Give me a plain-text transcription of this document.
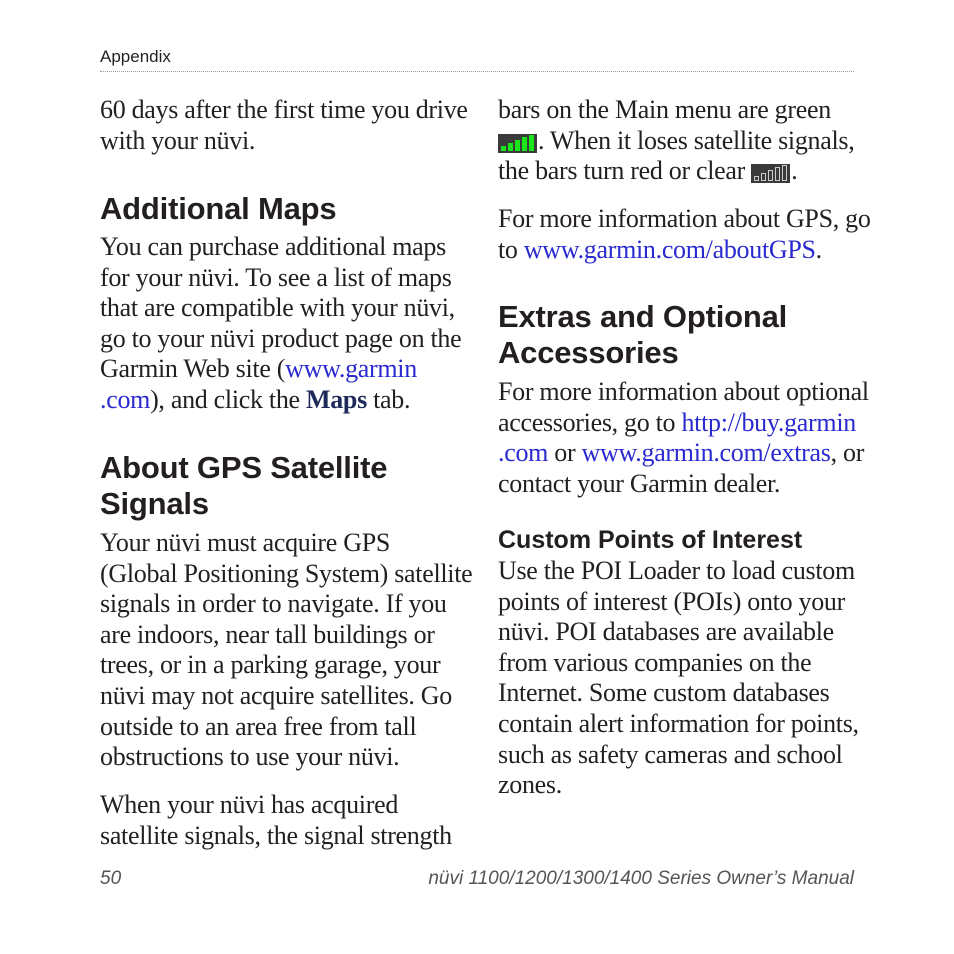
Appendix
60 days after the first time you drive
with your nüvi.
Additional Maps
You can purchase additional maps
for your nüvi. To see a list of maps
that are compatible with your nüvi,
go to your nüvi product page on the
Garmin Web site (www.garmin
.com), and click the Maps tab.
About GPS Satellite
Signals
Your nüvi must acquire GPS
(Global Positioning System) satellite
signals in order to navigate. If you
are indoors, near tall buildings or
trees, or in a parking garage, your
nüvi may not acquire satellites. Go
outside to an area free from tall
obstructions to use your nüvi.
When your nüvi has acquired
satellite signals, the signal strength
bars on the Main menu are green
. When it loses satellite signals,
the bars turn red or clear
.
For more information about GPS, go
to www.garmin.com/aboutGPS.
Extras and Optional
Accessories
For more information about optional
accessories, go to http://buy.garmin
.com or www.garmin.com/extras, or
contact your Garmin dealer.
Custom Points of Interest
Use the POI Loader to load custom
points of interest (POIs) onto your
nüvi. POI databases are available
from various companies on the
Internet. Some custom databases
contain alert information for points,
such as safety cameras and school
zones.
50	nüvi 1100/1200/1300/1400 Series Owner’s Manual
